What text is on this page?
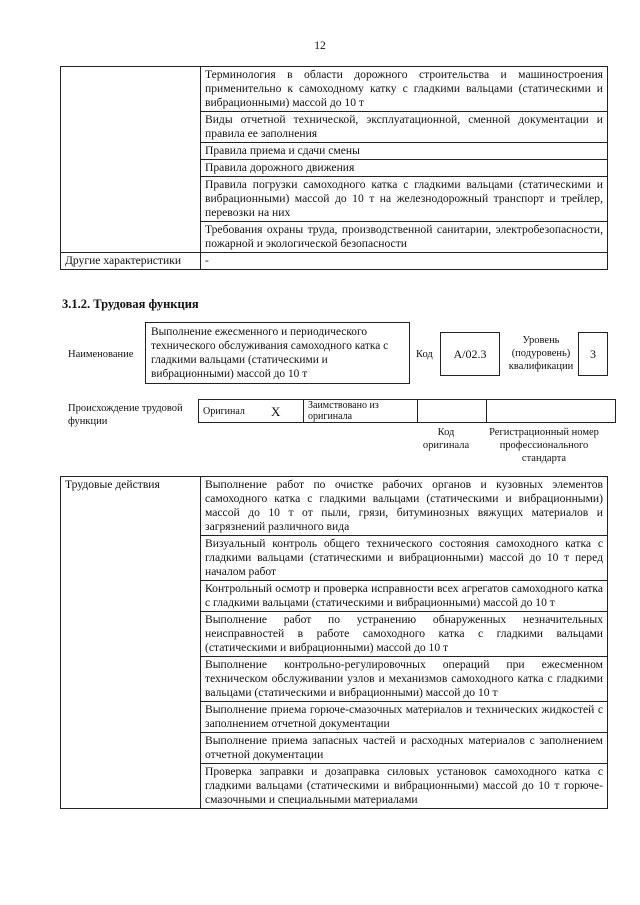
12
	Терминология в области дорожного строительства и машиностроения применительно к самоходному катку с гладкими вальцами (статическими и вибрационными) массой до 10 т
	Виды отчетной технической, эксплуатационной, сменной документации и правила ее заполнения
	Правила приема и сдачи смены
	Правила дорожного движения
	Правила погрузки самоходного катка с гладкими вальцами (статическими и вибрационными) массой до 10 т на железнодорожный транспорт и трейлер, перевозки на них
	Требования охраны труда, производственной санитарии, электробезопасности, пожарной и экологической безопасности
Другие характеристики	-
3.1.2. Трудовая функция
Наименование
Выполнение ежесменного и периодического технического обслуживания самоходного катка с гладкими вальцами (статическими и вибрационными) массой до 10 т
Код	A/02.3
Уровень (подуровень) квалификации
3
Происхождение трудовой функции
Оригинал	X	Заимствовано из оригинала		
Код оригинала
Регистрационный номер профессионального стандарта
Трудовые действия	Выполнение работ по очистке рабочих органов и кузовных элементов самоходного катка с гладкими вальцами (статическими и вибрационными) массой до 10 т от пыли, грязи, битуминозных вяжущих материалов и загрязнений различного вида
Визуальный контроль общего технического состояния самоходного катка с гладкими вальцами (статическими и вибрационными) массой до 10 т перед началом работ
Контрольный осмотр и проверка исправности всех агрегатов самоходного катка с гладкими вальцами (статическими и вибрационными) массой до 10 т
Выполнение работ по устранению обнаруженных незначительных неисправностей в работе самоходного катка с гладкими вальцами (статическими и вибрационными) массой до 10 т
Выполнение контрольно-регулировочных операций при ежесменном техническом обслуживании узлов и механизмов самоходного катка с гладкими вальцами (статическими и вибрационными) массой до 10 т
Выполнение приема горюче-смазочных материалов и технических жидкостей с заполнением отчетной документации
Выполнение приема запасных частей и расходных материалов с заполнением отчетной документации
Проверка заправки и дозаправка силовых установок самоходного катка с гладкими вальцами (статическими и вибрационными) массой до 10 т горюче-смазочными и специальными материалами
